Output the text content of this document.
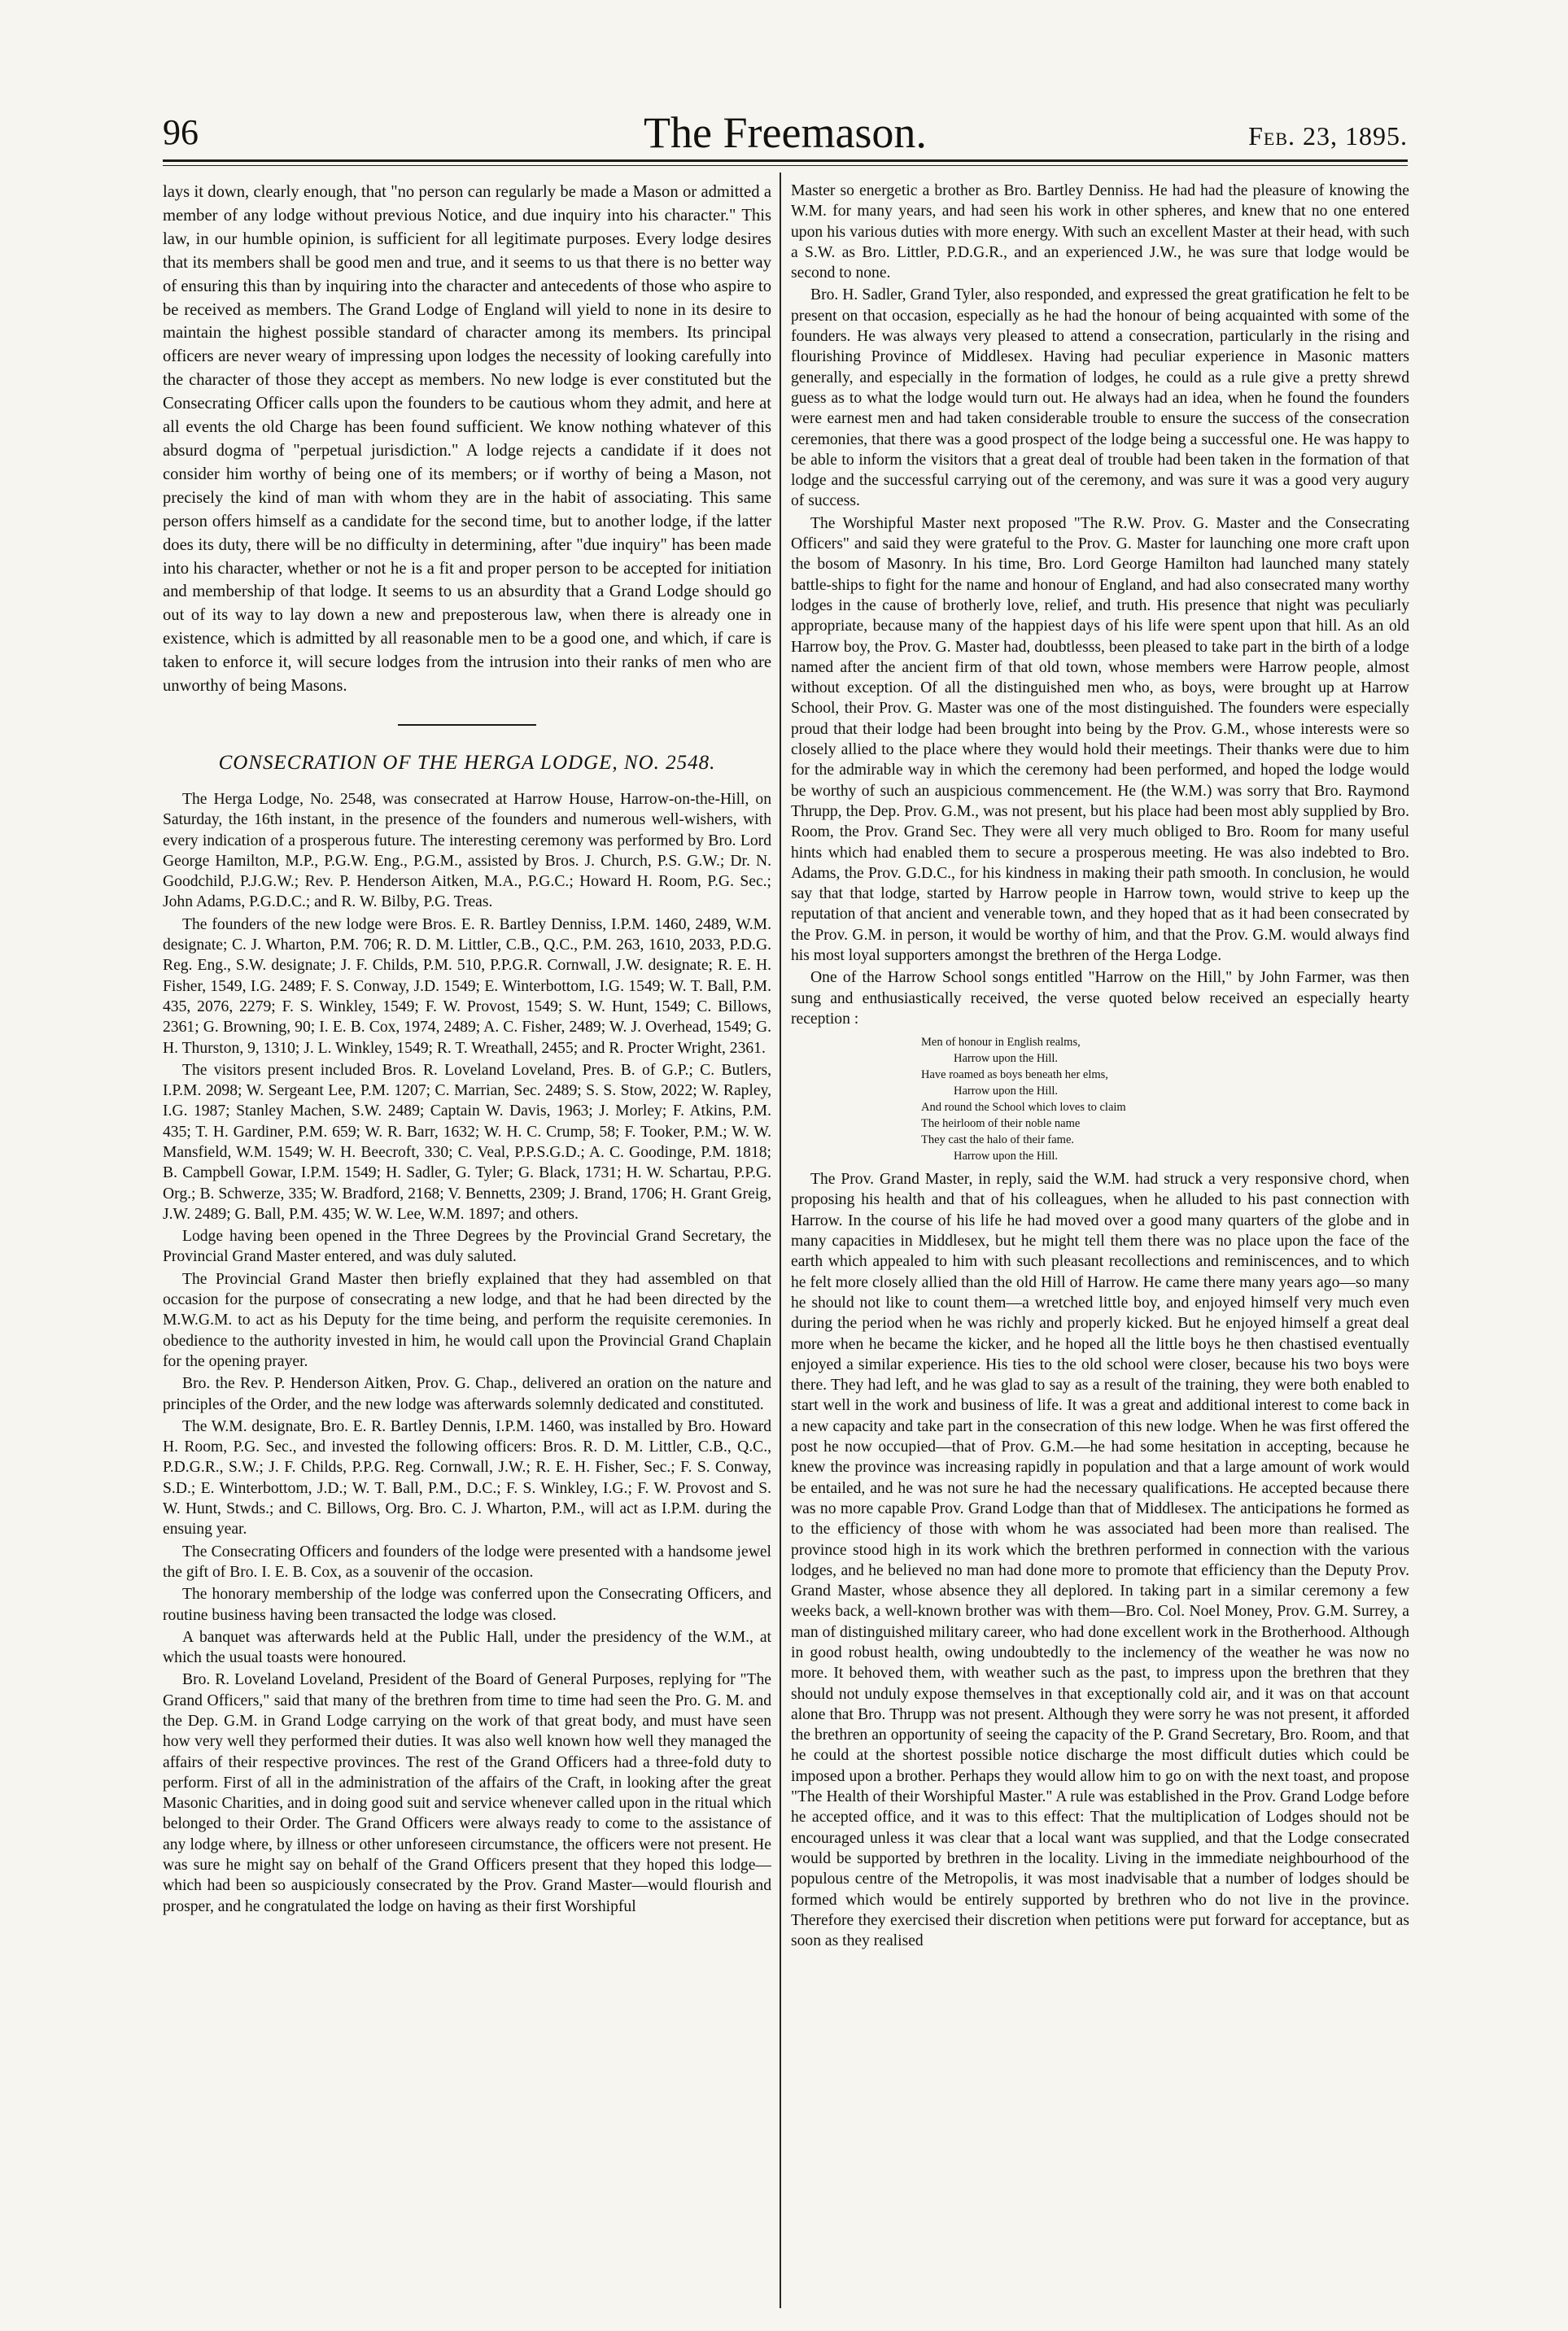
96	The Freemason.	Feb. 23, 1895.

lays it down, clearly enough, that "no person can regularly be made a Mason or admitted a member of any lodge without previous Notice, and due inquiry into his character." This law, in our humble opinion, is sufficient for all legitimate purposes. Every lodge desires that its members shall be good men and true, and it seems to us that there is no better way of ensuring this than by inquiring into the character and antecedents of those who aspire to be received as members. The Grand Lodge of England will yield to none in its desire to maintain the highest possible standard of character among its members. Its principal officers are never weary of impressing upon lodges the necessity of looking carefully into the character of those they accept as members. No new lodge is ever constituted but the Consecrating Officer calls upon the founders to be cautious whom they admit, and here at all events the old Charge has been found sufficient. We know nothing whatever of this absurd dogma of "perpetual jurisdiction." A lodge rejects a candidate if it does not consider him worthy of being one of its members; or if worthy of being a Mason, not precisely the kind of man with whom they are in the habit of associating. This same person offers himself as a candidate for the second time, but to another lodge, if the latter does its duty, there will be no difficulty in determining, after "due inquiry" has been made into his character, whether or not he is a fit and proper person to be accepted for initiation and membership of that lodge. It seems to us an absurdity that a Grand Lodge should go out of its way to lay down a new and preposterous law, when there is already one in existence, which is admitted by all reasonable men to be a good one, and which, if care is taken to enforce it, will secure lodges from the intrusion into their ranks of men who are unworthy of being Masons.

CONSECRATION OF THE HERGA LODGE, NO. 2548.

The Herga Lodge, No. 2548, was consecrated at Harrow House, Harrow-on-the-Hill, on Saturday, the 16th instant, in the presence of the founders and numerous well-wishers, with every indication of a prosperous future. The interesting ceremony was performed by Bro. Lord George Hamilton, M.P., P.G.W. Eng., P.G.M., assisted by Bros. J. Church, P.S. G.W.; Dr. N. Goodchild, P.J.G.W.; Rev. P. Henderson Aitken, M.A., P.G.C.; Howard H. Room, P.G. Sec.; John Adams, P.G.D.C.; and R. W. Bilby, P.G. Treas.

The founders of the new lodge were Bros. E. R. Bartley Denniss, I.P.M. 1460, 2489, W.M. designate; C. J. Wharton, P.M. 706; R. D. M. Littler, C.B., Q.C., P.M. 263, 1610, 2033, P.D.G. Reg. Eng., S.W. designate; J. F. Childs, P.M. 510, P.P.G.R. Cornwall, J.W. designate; R. E. H. Fisher, 1549, I.G. 2489; F. S. Conway, J.D. 1549; E. Winterbottom, I.G. 1549; W. T. Ball, P.M. 435, 2076, 2279; F. S. Winkley, 1549; F. W. Provost, 1549; S. W. Hunt, 1549; C. Billows, 2361; G. Browning, 90; I. E. B. Cox, 1974, 2489; A. C. Fisher, 2489; W. J. Overhead, 1549; G. H. Thurston, 9, 1310; J. L. Winkley, 1549; R. T. Wreathall, 2455; and R. Procter Wright, 2361.

The visitors present included Bros. R. Loveland Loveland, Pres. B. of G.P.; C. Butlers, I.P.M. 2098; W. Sergeant Lee, P.M. 1207; C. Marrian, Sec. 2489; S. S. Stow, 2022; W. Rapley, I.G. 1987; Stanley Machen, S.W. 2489; Captain W. Davis, 1963; J. Morley; F. Atkins, P.M. 435; T. H. Gardiner, P.M. 659; W. R. Barr, 1632; W. H. C. Crump, 58; F. Tooker, P.M.; W. W. Mansfield, W.M. 1549; W. H. Beecroft, 330; C. Veal, P.P.S.G.D.; A. C. Goodinge, P.M. 1818; B. Campbell Gowar, I.P.M. 1549; H. Sadler, G. Tyler; G. Black, 1731; H. W. Schartau, P.P.G. Org.; B. Schwerze, 335; W. Bradford, 2168; V. Bennetts, 2309; J. Brand, 1706; H. Grant Greig, J.W. 2489; G. Ball, P.M. 435; W. W. Lee, W.M. 1897; and others.

Lodge having been opened in the Three Degrees by the Provincial Grand Secretary, the Provincial Grand Master entered, and was duly saluted.

The Provincial Grand Master then briefly explained that they had assembled on that occasion for the purpose of consecrating a new lodge, and that he had been directed by the M.W.G.M. to act as his Deputy for the time being, and perform the requisite ceremonies. In obedience to the authority invested in him, he would call upon the Provincial Grand Chaplain for the opening prayer.

Bro. the Rev. P. Henderson Aitken, Prov. G. Chap., delivered an oration on the nature and principles of the Order, and the new lodge was afterwards solemnly dedicated and constituted.

The W.M. designate, Bro. E. R. Bartley Dennis, I.P.M. 1460, was installed by Bro. Howard H. Room, P.G. Sec., and invested the following officers: Bros. R. D. M. Littler, C.B., Q.C., P.D.G.R., S.W.; J. F. Childs, P.P.G. Reg. Cornwall, J.W.; R. E. H. Fisher, Sec.; F. S. Conway, S.D.; E. Winterbottom, J.D.; W. T. Ball, P.M., D.C.; F. S. Winkley, I.G.; F. W. Provost and S. W. Hunt, Stwds.; and C. Billows, Org. Bro. C. J. Wharton, P.M., will act as I.P.M. during the ensuing year.

The Consecrating Officers and founders of the lodge were presented with a handsome jewel the gift of Bro. I. E. B. Cox, as a souvenir of the occasion.

The honorary membership of the lodge was conferred upon the Consecrating Officers, and routine business having been transacted the lodge was closed.

A banquet was afterwards held at the Public Hall, under the presidency of the W.M., at which the usual toasts were honoured.

Bro. R. Loveland Loveland, President of the Board of General Purposes, replying for "The Grand Officers," said that many of the brethren from time to time had seen the Pro. G. M. and the Dep. G.M. in Grand Lodge carrying on the work of that great body, and must have seen how very well they performed their duties. It was also well known how well they managed the affairs of their respective provinces. The rest of the Grand Officers had a three-fold duty to perform. First of all in the administration of the affairs of the Craft, in looking after the great Masonic Charities, and in doing good suit and service whenever called upon in the ritual which belonged to their Order. The Grand Officers were always ready to come to the assistance of any lodge where, by illness or other unforeseen circumstance, the officers were not present. He was sure he might say on behalf of the Grand Officers present that they hoped this lodge—which had been so auspiciously consecrated by the Prov. Grand Master—would flourish and prosper, and he congratulated the lodge on having as their first Worshipful

Master so energetic a brother as Bro. Bartley Denniss. He had had the pleasure of knowing the W.M. for many years, and had seen his work in other spheres, and knew that no one entered upon his various duties with more energy. With such an excellent Master at their head, with such a S.W. as Bro. Littler, P.D.G.R., and an experienced J.W., he was sure that lodge would be second to none.

Bro. H. Sadler, Grand Tyler, also responded, and expressed the great gratification he felt to be present on that occasion, especially as he had the honour of being acquainted with some of the founders. He was always very pleased to attend a consecration, particularly in the rising and flourishing Province of Middlesex. Having had peculiar experience in Masonic matters generally, and especially in the formation of lodges, he could as a rule give a pretty shrewd guess as to what the lodge would turn out. He always had an idea, when he found the founders were earnest men and had taken considerable trouble to ensure the success of the consecration ceremonies, that there was a good prospect of the lodge being a successful one. He was happy to be able to inform the visitors that a great deal of trouble had been taken in the formation of that lodge and the successful carrying out of the ceremony, and was sure it was a good very augury of success.

The Worshipful Master next proposed "The R.W. Prov. G. Master and the Consecrating Officers" and said they were grateful to the Prov. G. Master for launching one more craft upon the bosom of Masonry. In his time, Bro. Lord George Hamilton had launched many stately battle-ships to fight for the name and honour of England, and had also consecrated many worthy lodges in the cause of brotherly love, relief, and truth. His presence that night was peculiarly appropriate, because many of the happiest days of his life were spent upon that hill. As an old Harrow boy, the Prov. G. Master had, doubtlesss, been pleased to take part in the birth of a lodge named after the ancient firm of that old town, whose members were Harrow people, almost without exception. Of all the distinguished men who, as boys, were brought up at Harrow School, their Prov. G. Master was one of the most distinguished. The founders were especially proud that their lodge had been brought into being by the Prov. G.M., whose interests were so closely allied to the place where they would hold their meetings. Their thanks were due to him for the admirable way in which the ceremony had been performed, and hoped the lodge would be worthy of such an auspicious commencement. He (the W.M.) was sorry that Bro. Raymond Thrupp, the Dep. Prov. G.M., was not present, but his place had been most ably supplied by Bro. Room, the Prov. Grand Sec. They were all very much obliged to Bro. Room for many useful hints which had enabled them to secure a prosperous meeting. He was also indebted to Bro. Adams, the Prov. G.D.C., for his kindness in making their path smooth. In conclusion, he would say that that lodge, started by Harrow people in Harrow town, would strive to keep up the reputation of that ancient and venerable town, and they hoped that as it had been consecrated by the Prov. G.M. in person, it would be worthy of him, and that the Prov. G.M. would always find his most loyal supporters amongst the brethren of the Herga Lodge.

One of the Harrow School songs entitled "Harrow on the Hill," by John Farmer, was then sung and enthusiastically received, the verse quoted below received an especially hearty reception :

Men of honour in English realms,
Harrow upon the Hill.
Have roamed as boys beneath her elms,
Harrow upon the Hill.
And round the School which loves to claim
The heirloom of their noble name
They cast the halo of their fame.
Harrow upon the Hill.

The Prov. Grand Master, in reply, said the W.M. had struck a very responsive chord, when proposing his health and that of his colleagues, when he alluded to his past connection with Harrow. In the course of his life he had moved over a good many quarters of the globe and in many capacities in Middlesex, but he might tell them there was no place upon the face of the earth which appealed to him with such pleasant recollections and reminiscences, and to which he felt more closely allied than the old Hill of Harrow. He came there many years ago—so many he should not like to count them—a wretched little boy, and enjoyed himself very much even during the period when he was richly and properly kicked. But he enjoyed himself a great deal more when he became the kicker, and he hoped all the little boys he then chastised eventually enjoyed a similar experience. His ties to the old school were closer, because his two boys were there. They had left, and he was glad to say as a result of the training, they were both enabled to start well in the work and business of life. It was a great and additional interest to come back in a new capacity and take part in the consecration of this new lodge. When he was first offered the post he now occupied—that of Prov. G.M.—he had some hesitation in accepting, because he knew the province was increasing rapidly in population and that a large amount of work would be entailed, and he was not sure he had the necessary qualifications. He accepted because there was no more capable Prov. Grand Lodge than that of Middlesex. The anticipations he formed as to the efficiency of those with whom he was associated had been more than realised. The province stood high in its work which the brethren performed in connection with the various lodges, and he believed no man had done more to promote that efficiency than the Deputy Prov. Grand Master, whose absence they all deplored. In taking part in a similar ceremony a few weeks back, a well-known brother was with them—Bro. Col. Noel Money, Prov. G.M. Surrey, a man of distinguished military career, who had done excellent work in the Brotherhood. Although in good robust health, owing undoubtedly to the inclemency of the weather he was now no more. It behoved them, with weather such as the past, to impress upon the brethren that they should not unduly expose themselves in that exceptionally cold air, and it was on that account alone that Bro. Thrupp was not present. Although they were sorry he was not present, it afforded the brethren an opportunity of seeing the capacity of the P. Grand Secretary, Bro. Room, and that he could at the shortest possible notice discharge the most difficult duties which could be imposed upon a brother. Perhaps they would allow him to go on with the next toast, and propose "The Health of their Worshipful Master." A rule was established in the Prov. Grand Lodge before he accepted office, and it was to this effect: That the multiplication of Lodges should not be encouraged unless it was clear that a local want was supplied, and that the Lodge consecrated would be supported by brethren in the locality. Living in the immediate neighbourhood of the populous centre of the Metropolis, it was most inadvisable that a number of lodges should be formed which would be entirely supported by brethren who do not live in the province. Therefore they exercised their discretion when petitions were put forward for acceptance, but as soon as they realised
